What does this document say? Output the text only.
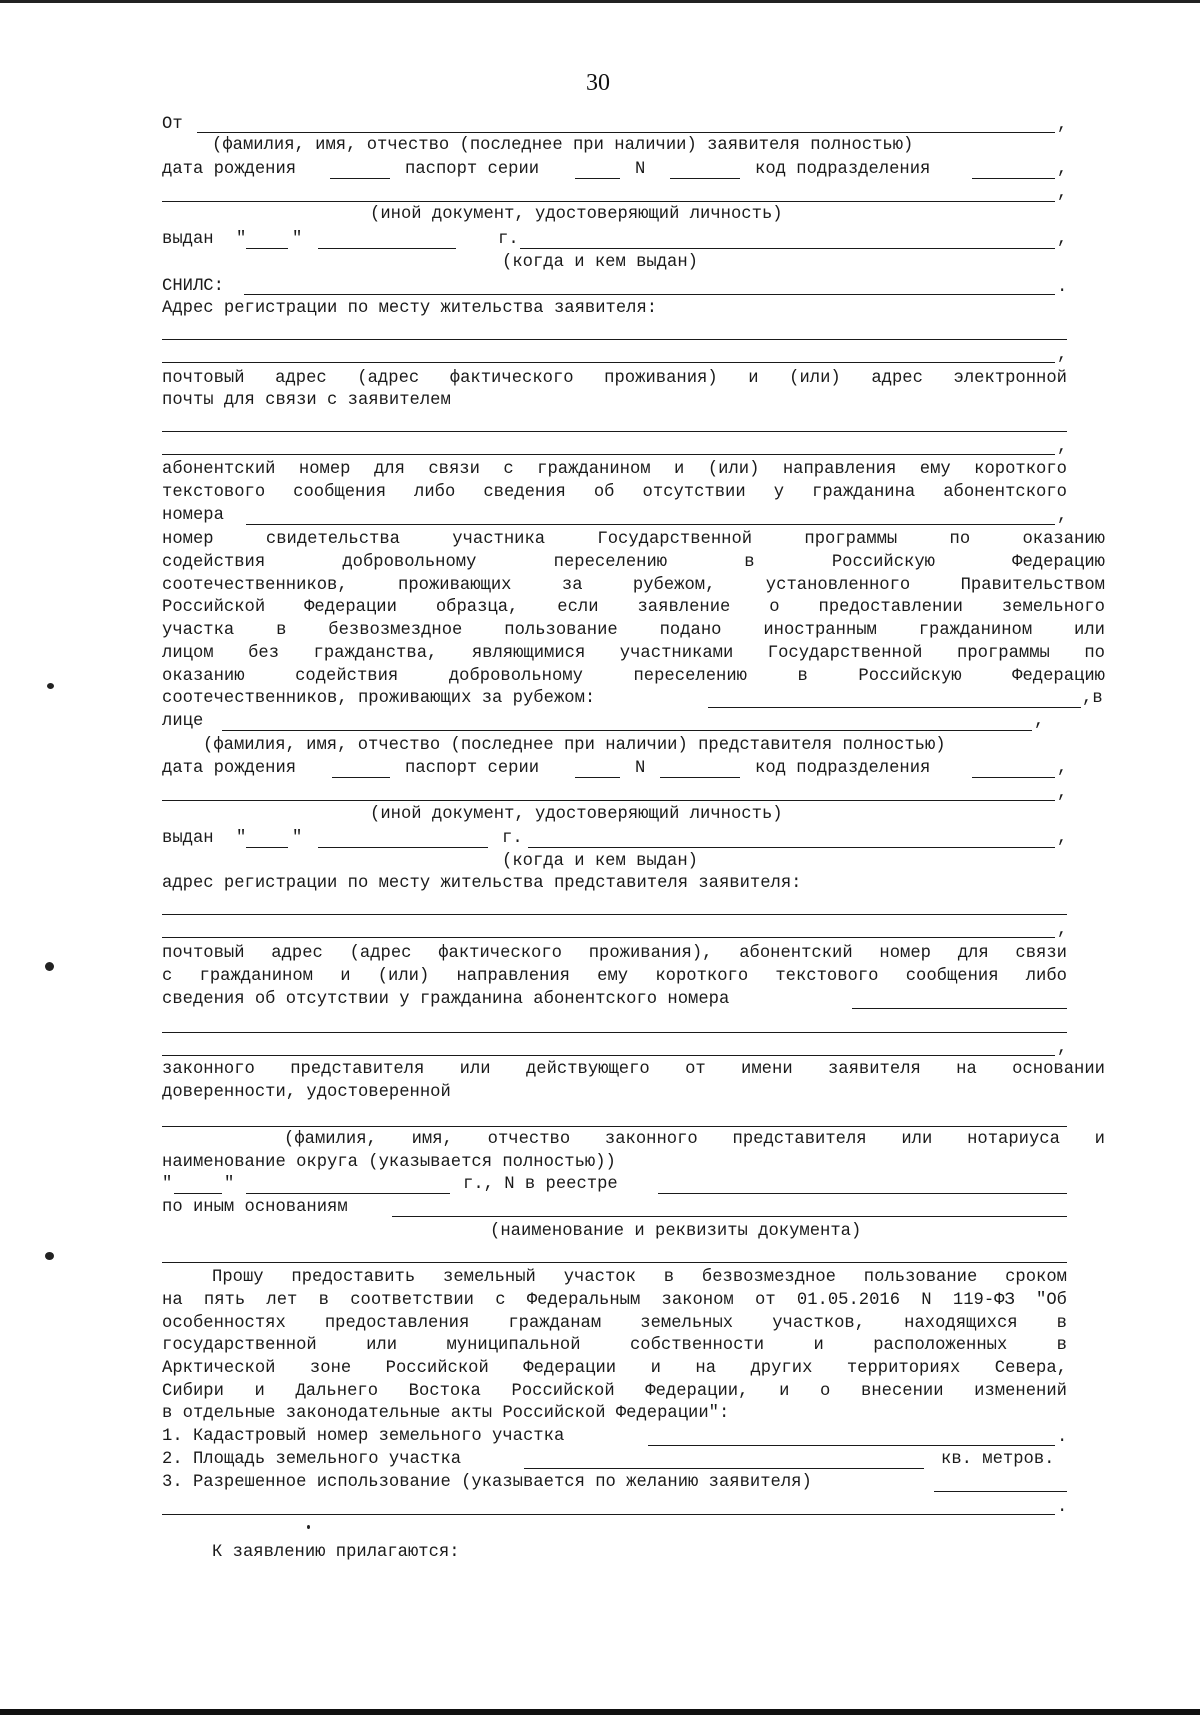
30
От	,
(фамилия, имя, отчество (последнее при наличии) заявителя полностью)
дата рождения	паспорт серии	N	код подразделения	,
,
(иной документ, удостоверяющий личность)
выдан "	"	г.	,
(когда и кем выдан)
СНИЛС:	.
Адрес регистрации по месту жительства заявителя:
,
почтовый адрес (адрес фактического проживания) и (или) адрес электронной
почты для связи с заявителем
,
абонентский номер для связи с гражданином и (или) направления ему короткого
текстового сообщения либо сведения об отсутствии у гражданина абонентского
номера	,
номер свидетельства участника Государственной программы по оказанию
содействия добровольному переселению в Российскую Федерацию
соотечественников, проживающих за рубежом, установленного Правительством
Российской Федерации образца, если заявление о предоставлении земельного
участка в безвозмездное пользование подано иностранным гражданином или
лицом без гражданства, являющимися участниками Государственной программы по
оказанию содействия добровольному переселению в Российскую Федерацию
соотечественников, проживающих за рубежом:	,в
лице	,
(фамилия, имя, отчество (последнее при наличии) представителя полностью)
дата рождения	паспорт серии	N	код подразделения	,
,
(иной документ, удостоверяющий личность)
выдан "	"	г.	,
(когда и кем выдан)
адрес регистрации по месту жительства представителя заявителя:
,
почтовый адрес (адрес фактического проживания), абонентский номер для связи
с гражданином и (или) направления ему короткого текстового сообщения либо
сведения об отсутствии у гражданина абонентского номера
,
законного представителя или действующего от имени заявителя на основании
доверенности, удостоверенной
(фамилия, имя, отчество законного представителя или нотариуса и
наименование округа (указывается полностью))
"	"	г., N в реестре
по иным основаниям
(наименование и реквизиты документа)
Прошу предоставить земельный участок в безвозмездное пользование сроком
на пять лет в соответствии с Федеральным законом от 01.05.2016 N 119-ФЗ "Об
особенностях предоставления гражданам земельных участков, находящихся в
государственной или муниципальной собственности и расположенных в
Арктической зоне Российской Федерации и на других территориях Севера,
Сибири и Дальнего Востока Российской Федерации, и о внесении изменений
в отдельные законодательные акты Российской Федерации":
1. Кадастровый номер земельного участка	.
2. Площадь земельного участка	кв. метров.
3. Разрешенное использование (указывается по желанию заявителя)
.
К заявлению прилагаются:
